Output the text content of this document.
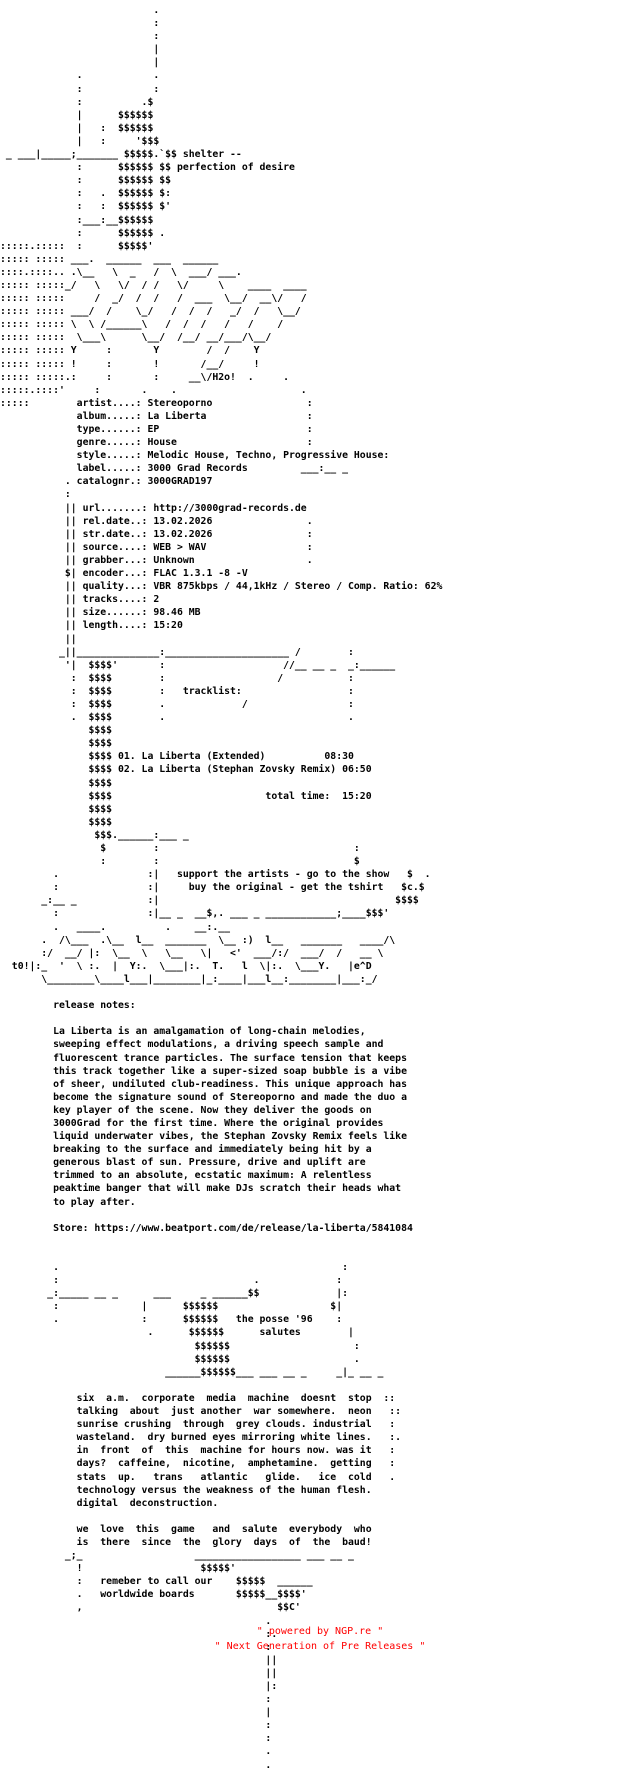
.
:
:
|
|
.            .
:            :
:          .$
|      $$$$$$
|   :  $$$$$$
|   :     '$$$
_ ___|_____;_______ $$$$$.`$$ shelter --
:      $$$$$$ $$ perfection of desire
:      $$$$$$ $$
:   .  $$$$$$ $:
:   :  $$$$$$ $'
:___:__$$$$$$
:      $$$$$$ .
:::::.:::::  :      $$$$$'
::::: ::::: ___.  ______  ___  ______
::::.::::.. .\__   \  _   /  \  ___/ ___.
::::: :::::_/   \   \/  / /   \/     \    ____  ____
::::: :::::     /  _/  /  /   /  ___  \__/  __\/   /
::::: ::::: ___/  /    \_/   /  /  /   _/  /   \__/
::::: ::::: \  \ /______\   /  /  /   /   /    /
::::: :::::  \___\      \__/  /__/ __/___/\__/
::::: ::::: Y     :       Y        /  /    Y
::::: ::::: !     :       !       /__/     !
::::: :::::.:     :       :     __\/H2o!  .     .
:::::.::::'     :       .    .                     .
:::::        artist....: Stereoporno                :
album.....: La Liberta                 :
type......: EP                         :
genre.....: House                      :
style.....: Melodic House, Techno, Progressive House:
label.....: 3000 Grad Records         ___:__ _
. catalognr.: 3000GRAD197
:
|| url.......: http://3000grad-records.de
|| rel.date..: 13.02.2026                .
|| str.date..: 13.02.2026                :
|| source....: WEB > WAV                 :
|| grabber...: Unknown                   .
$| encoder...: FLAC 1.3.1 -8 -V
|| quality...: VBR 875kbps / 44,1kHz / Stereo / Comp. Ratio: 62%
|| tracks....: 2
|| size......: 98.46 MB
|| length....: 15:20
||
_||______________:_____________________ /        :
'|  $$$$'       :                    //__ __ _  _:______
:  $$$$        :                   /           :
:  $$$$        :   tracklist:                  :
:  $$$$        .             /                 :
.  $$$$        .                               .
$$$$
$$$$
$$$$ 01. La Liberta (Extended)          08:30
$$$$ 02. La Liberta (Stephan Zovsky Remix) 06:50
$$$$
$$$$                          total time:  15:20
$$$$
$$$$
$$$.______:___ _
$        :                                 :
:        :                                 $
.               :|   support the artists - go to the show   $  .
:               :|     buy the original - get the tshirt   $c.$
_:__ _            :|                                        $$$$
:               :|__ _  __$,. ___ _ ____________;____$$$'
.   ____.          .    __:.__
.  /\___  .\__  l__  _______  \__ :)  l__   _______   ____/\
:/  __/ |:  \__  \   \__   \|   <'  ___/:/  ___/  /   __ \
t0!|:_  '  \ :.  |  Y:.  \___|:.  T.   l  \|:.  \___Y.   |e^D
\________\____l___|________|_:____|___l__:________|___:_/

release notes:

La Liberta is an amalgamation of long-chain melodies,
sweeping effect modulations, a driving speech sample and
fluorescent trance particles. The surface tension that keeps
this track together like a super-sized soap bubble is a vibe
of sheer, undiluted club-readiness. This unique approach has
become the signature sound of Stereoporno and made the duo a
key player of the scene. Now they deliver the goods on
3000Grad for the first time. Where the original provides
liquid underwater vibes, the Stephan Zovsky Remix feels like
breaking to the surface and immediately being hit by a
generous blast of sun. Pressure, drive and uplift are
trimmed to an absolute, ecstatic maximum: A relentless
peaktime banger that will make DJs scratch their heads what
to play after.

Store: https://www.beatport.com/de/release/la-liberta/5841084

.                                                :
:                                 .             :
_:_____ __ _      ___     _ ______$$             |:
:              |      $$$$$$                   $|
.              :      $$$$$$   the posse '96    :
.      $$$$$$      salutes        |
$$$$$$                     :
$$$$$$                     .
______$$$$$$___ ___ __ _     _|_ __ _

six  a.m.  corporate  media  machine  doesnt  stop  ::
talking  about  just another  war somewhere.  neon   ::
sunrise crushing  through  grey clouds. industrial   :
wasteland.  dry burned eyes mirroring white lines.   :.
in  front  of  this  machine for hours now. was it   :
days?  caffeine,  nicotine,  amphetamine.  getting   :
stats  up.   trans   atlantic   glide.   ice  cold   .
technology versus the weakness of the human flesh.
digital  deconstruction.

we  love  this  game   and  salute  everybody  who
is  there  since  the  glory  days  of  the  baud!
_;_                   __________________ ___ __ _
!                    $$$$$'
:   remeber to call our    $$$$$  ______
.   worldwide boards       $$$$$__$$$$'
,                                 $$C'
.
:.
:
||
||
|:
:
|
:
:
.
.

" powered by NGP.re "
" Next Generation of Pre Releases "
